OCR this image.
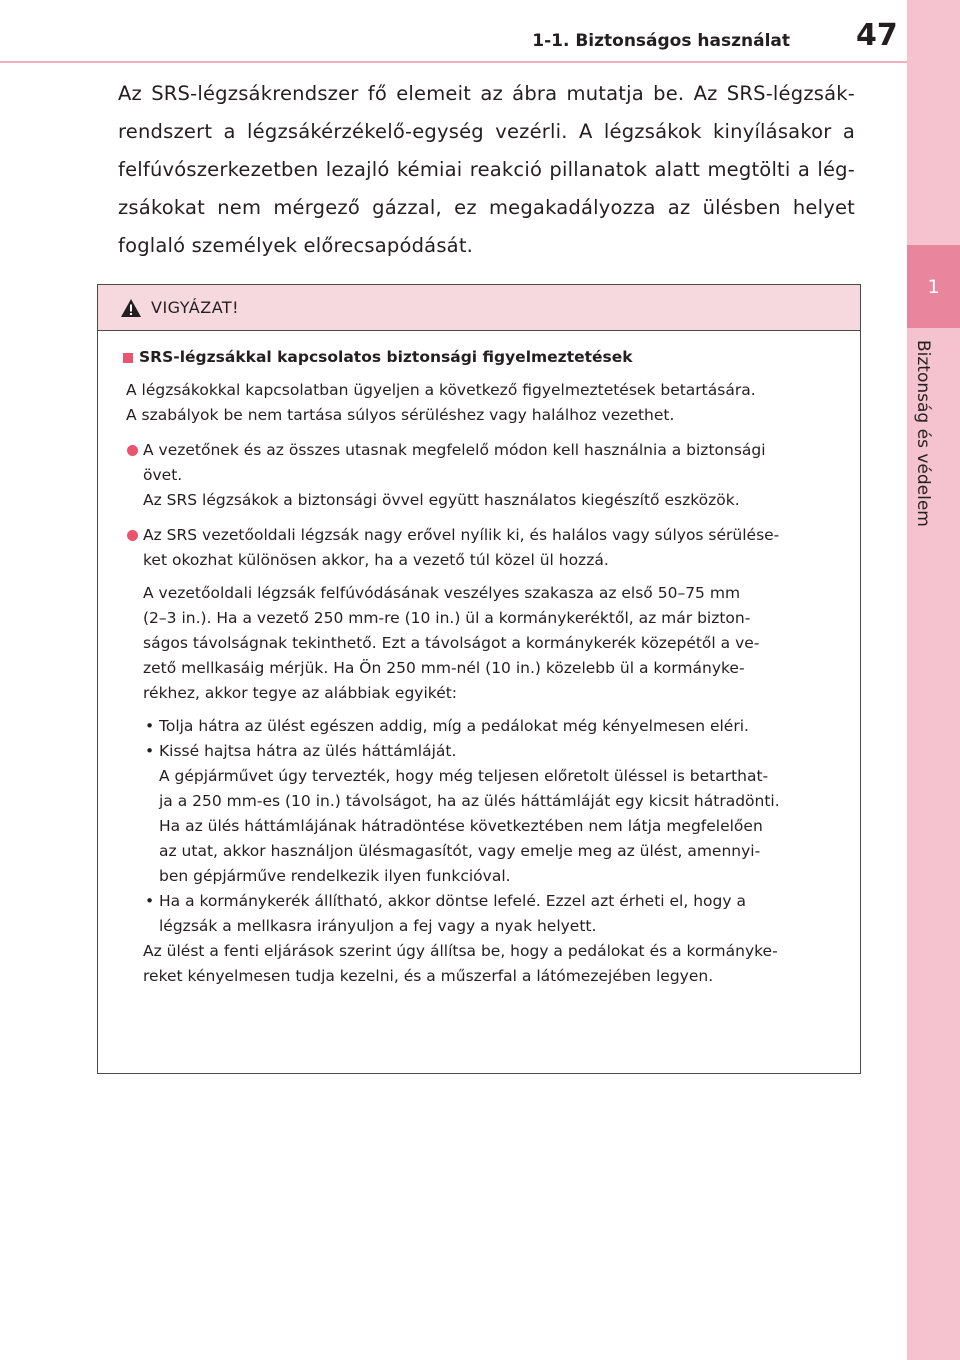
1
Biztonság és védelem
1-1. Biztonságos használat 47
Az SRS-légzsákrendszer fő elemeit az ábra mutatja be. Az SRS-légzsák- rendszert a légzsákérzékelő-egység vezérli. A légzsákok kinyílásakor a felfúvószerkezetben lezajló kémiai reakció pillanatok alatt megtölti a lég- zsákokat nem mérgező gázzal, ez megakadályozza az ülésben helyet foglaló személyek előrecsapódását.
VIGYÁZAT!
SRS-légzsákkal kapcsolatos biztonsági figyelmeztetések
A légzsákokkal kapcsolatban ügyeljen a következő figyelmeztetések betartására.
A szabályok be nem tartása súlyos sérüléshez vagy halálhoz vezethet.
A vezetőnek és az összes utasnak megfelelő módon kell használnia a biztonsági
övet.
Az SRS légzsákok a biztonsági övvel együtt használatos kiegészítő eszközök.
Az SRS vezetőoldali légzsák nagy erővel nyílik ki, és halálos vagy súlyos sérülése-
ket okozhat különösen akkor, ha a vezető túl közel ül hozzá.
A vezetőoldali légzsák felfúvódásának veszélyes szakasza az első 50–75 mm
(2–3 in.). Ha a vezető 250 mm-re (10 in.) ül a kormánykeréktől, az már bizton-
ságos távolságnak tekinthető. Ezt a távolságot a kormánykerék közepétől a ve-
zető mellkasáig mérjük. Ha Ön 250 mm-nél (10 in.) közelebb ül a kormányke-
rékhez, akkor tegye az alábbiak egyikét:
• Tolja hátra az ülést egészen addig, míg a pedálokat még kényelmesen eléri.
• Kissé hajtsa hátra az ülés háttámláját.
A gépjárművet úgy tervezték, hogy még teljesen előretolt üléssel is betarthat-
ja a 250 mm-es (10 in.) távolságot, ha az ülés háttámláját egy kicsit hátradönti.
Ha az ülés háttámlájának hátradöntése következtében nem látja megfelelően
az utat, akkor használjon ülésmagasítót, vagy emelje meg az ülést, amennyi-
ben gépjárműve rendelkezik ilyen funkcióval.
• Ha a kormánykerék állítható, akkor döntse lefelé. Ezzel azt érheti el, hogy a
légzsák a mellkasra irányuljon a fej vagy a nyak helyett.
Az ülést a fenti eljárások szerint úgy állítsa be, hogy a pedálokat és a kormányke-
reket kényelmesen tudja kezelni, és a műszerfal a látómezejében legyen.
